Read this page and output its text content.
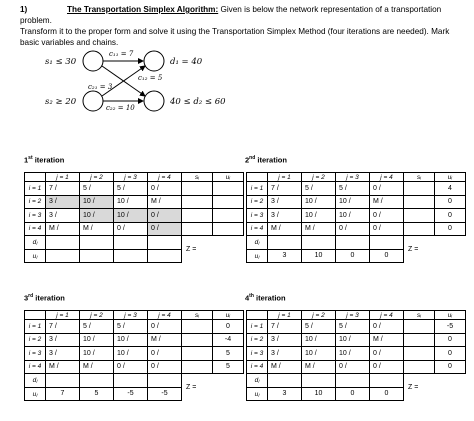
1)	The Transportation Simplex Algorithm: Given is below the network representation of a transportation problem.
Transform it to the proper form and solve it using the Transportation Simplex Method (four iterations are needed). Mark
basic variables and chains.
s₁ ≤ 30
s₂ ≥ 20
d₁ = 40
40 ≤ d₂ ≤ 60
c₁₁ = 7
c₁₂ = 5
c₂₁ = 3
c₂₂ = 10
1st iteration	2nd iteration
3rd iteration	4th iteration
	j = 1	j = 2	j = 3	j = 4	sᵢ	uᵢ
i = 1	7 /	5 /	5 /	0 /		
i = 2	3 /	10 /	10 /	M /		
i = 3	3 /	10 /	10 /	0 /		
i = 4	M /	M /	0 /	0 /		
dⱼ					Z =	
uⱼ						
	j = 1	j = 2	j = 3	j = 4	sᵢ	uᵢ
i = 1	7 /	5 /	5 /	0 /		4
i = 2	3 /	10 /	10 /	M /		0
i = 3	3 /	10 /	10 /	0 /		0
i = 4	M /	M /	0 /	0 /		0
dⱼ					Z =	
uⱼ	3	10	0	0		
	j = 1	j = 2	j = 3	j = 4	sᵢ	uᵢ
i = 1	7 /	5 /	5 /	0 /		0
i = 2	3 /	10 /	10 /	M /		-4
i = 3	3 /	10 /	10 /	0 /		5
i = 4	M /	M /	0 /	0 /		5
dⱼ					Z =	
uⱼ	7	5	-5	-5		
	j = 1	j = 2	j = 3	j = 4	sᵢ	uᵢ
i = 1	7 /	5 /	5 /	0 /		-5
i = 2	3 /	10 /	10 /	M /		0
i = 3	3 /	10 /	10 /	0 /		0
i = 4	M /	M /	0 /	0 /		0
dⱼ					Z =	
uⱼ	3	10	0	0		
